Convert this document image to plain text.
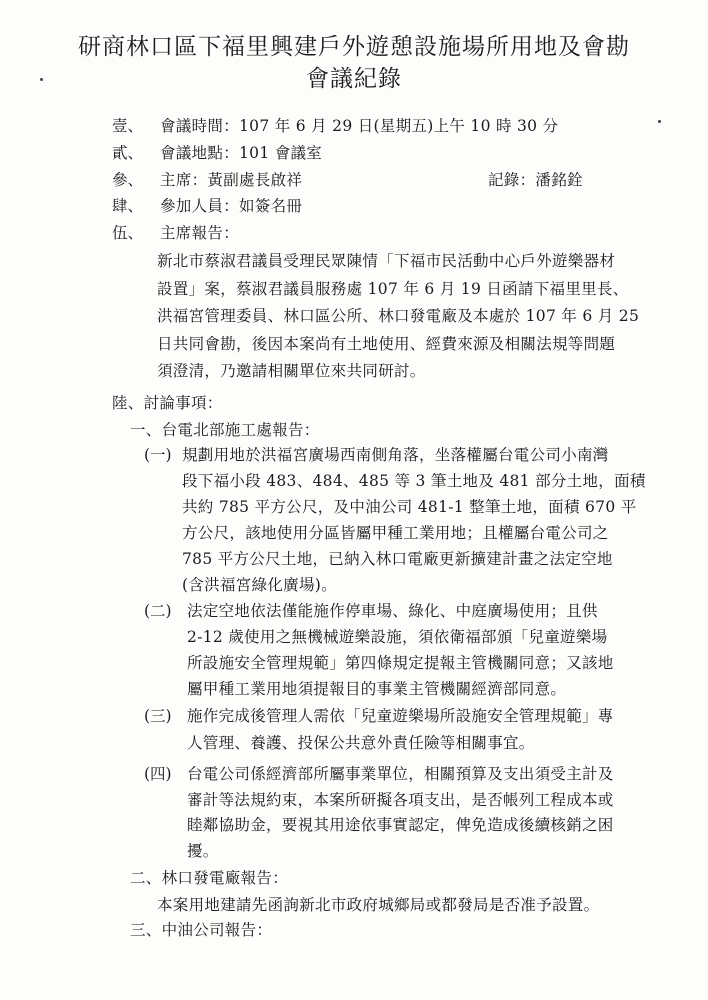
研商林口區下福里興建戶外遊憩設施場所用地及會勘
會議紀錄
壹、 會議時間：107 年 6 月 29 日(星期五)上午 10 時 30 分
貳、 會議地點：101 會議室
參、 主席：黃副處長啟祥	記錄：潘銘銓
肆、 參加人員：如簽名冊
伍、 主席報告：
新北市蔡淑君議員受理民眾陳情「下福市民活動中心戶外遊樂器材
設置」案，蔡淑君議員服務處 107 年 6 月 19 日函請下福里里長、
洪福宮管理委員、林口區公所、林口發電廠及本處於 107 年 6 月 25
日共同會勘，後因本案尚有土地使用、經費來源及相關法規等問題
須澄清，乃邀請相關單位來共同研討。
陸、討論事項：
一、台電北部施工處報告：
(一) 規劃用地於洪福宮廣場西南側角落，坐落權屬台電公司小南灣
段下福小段 483、484、485 等 3 筆土地及 481 部分土地，面積
共約 785 平方公尺，及中油公司 481-1 整筆土地，面積 670 平
方公尺，該地使用分區皆屬甲種工業用地；且權屬台電公司之
785 平方公尺土地，已納入林口電廠更新擴建計畫之法定空地
(含洪福宮綠化廣場)。
(二) 法定空地依法僅能施作停車場、綠化、中庭廣場使用；且供
2-12 歲使用之無機械遊樂設施，須依衛福部頒「兒童遊樂場
所設施安全管理規範」第四條規定提報主管機關同意；又該地
屬甲種工業用地須提報目的事業主管機關經濟部同意。
(三) 施作完成後管理人需依「兒童遊樂場所設施安全管理規範」專
人管理、養護、投保公共意外責任險等相關事宜。
(四) 台電公司係經濟部所屬事業單位，相關預算及支出須受主計及
審計等法規約束，本案所研擬各項支出，是否帳列工程成本或
睦鄰協助金，要視其用途依事實認定，俾免造成後續核銷之困
擾。
二、林口發電廠報告：
本案用地建請先函詢新北市政府城鄉局或都發局是否准予設置。
三、中油公司報告：
